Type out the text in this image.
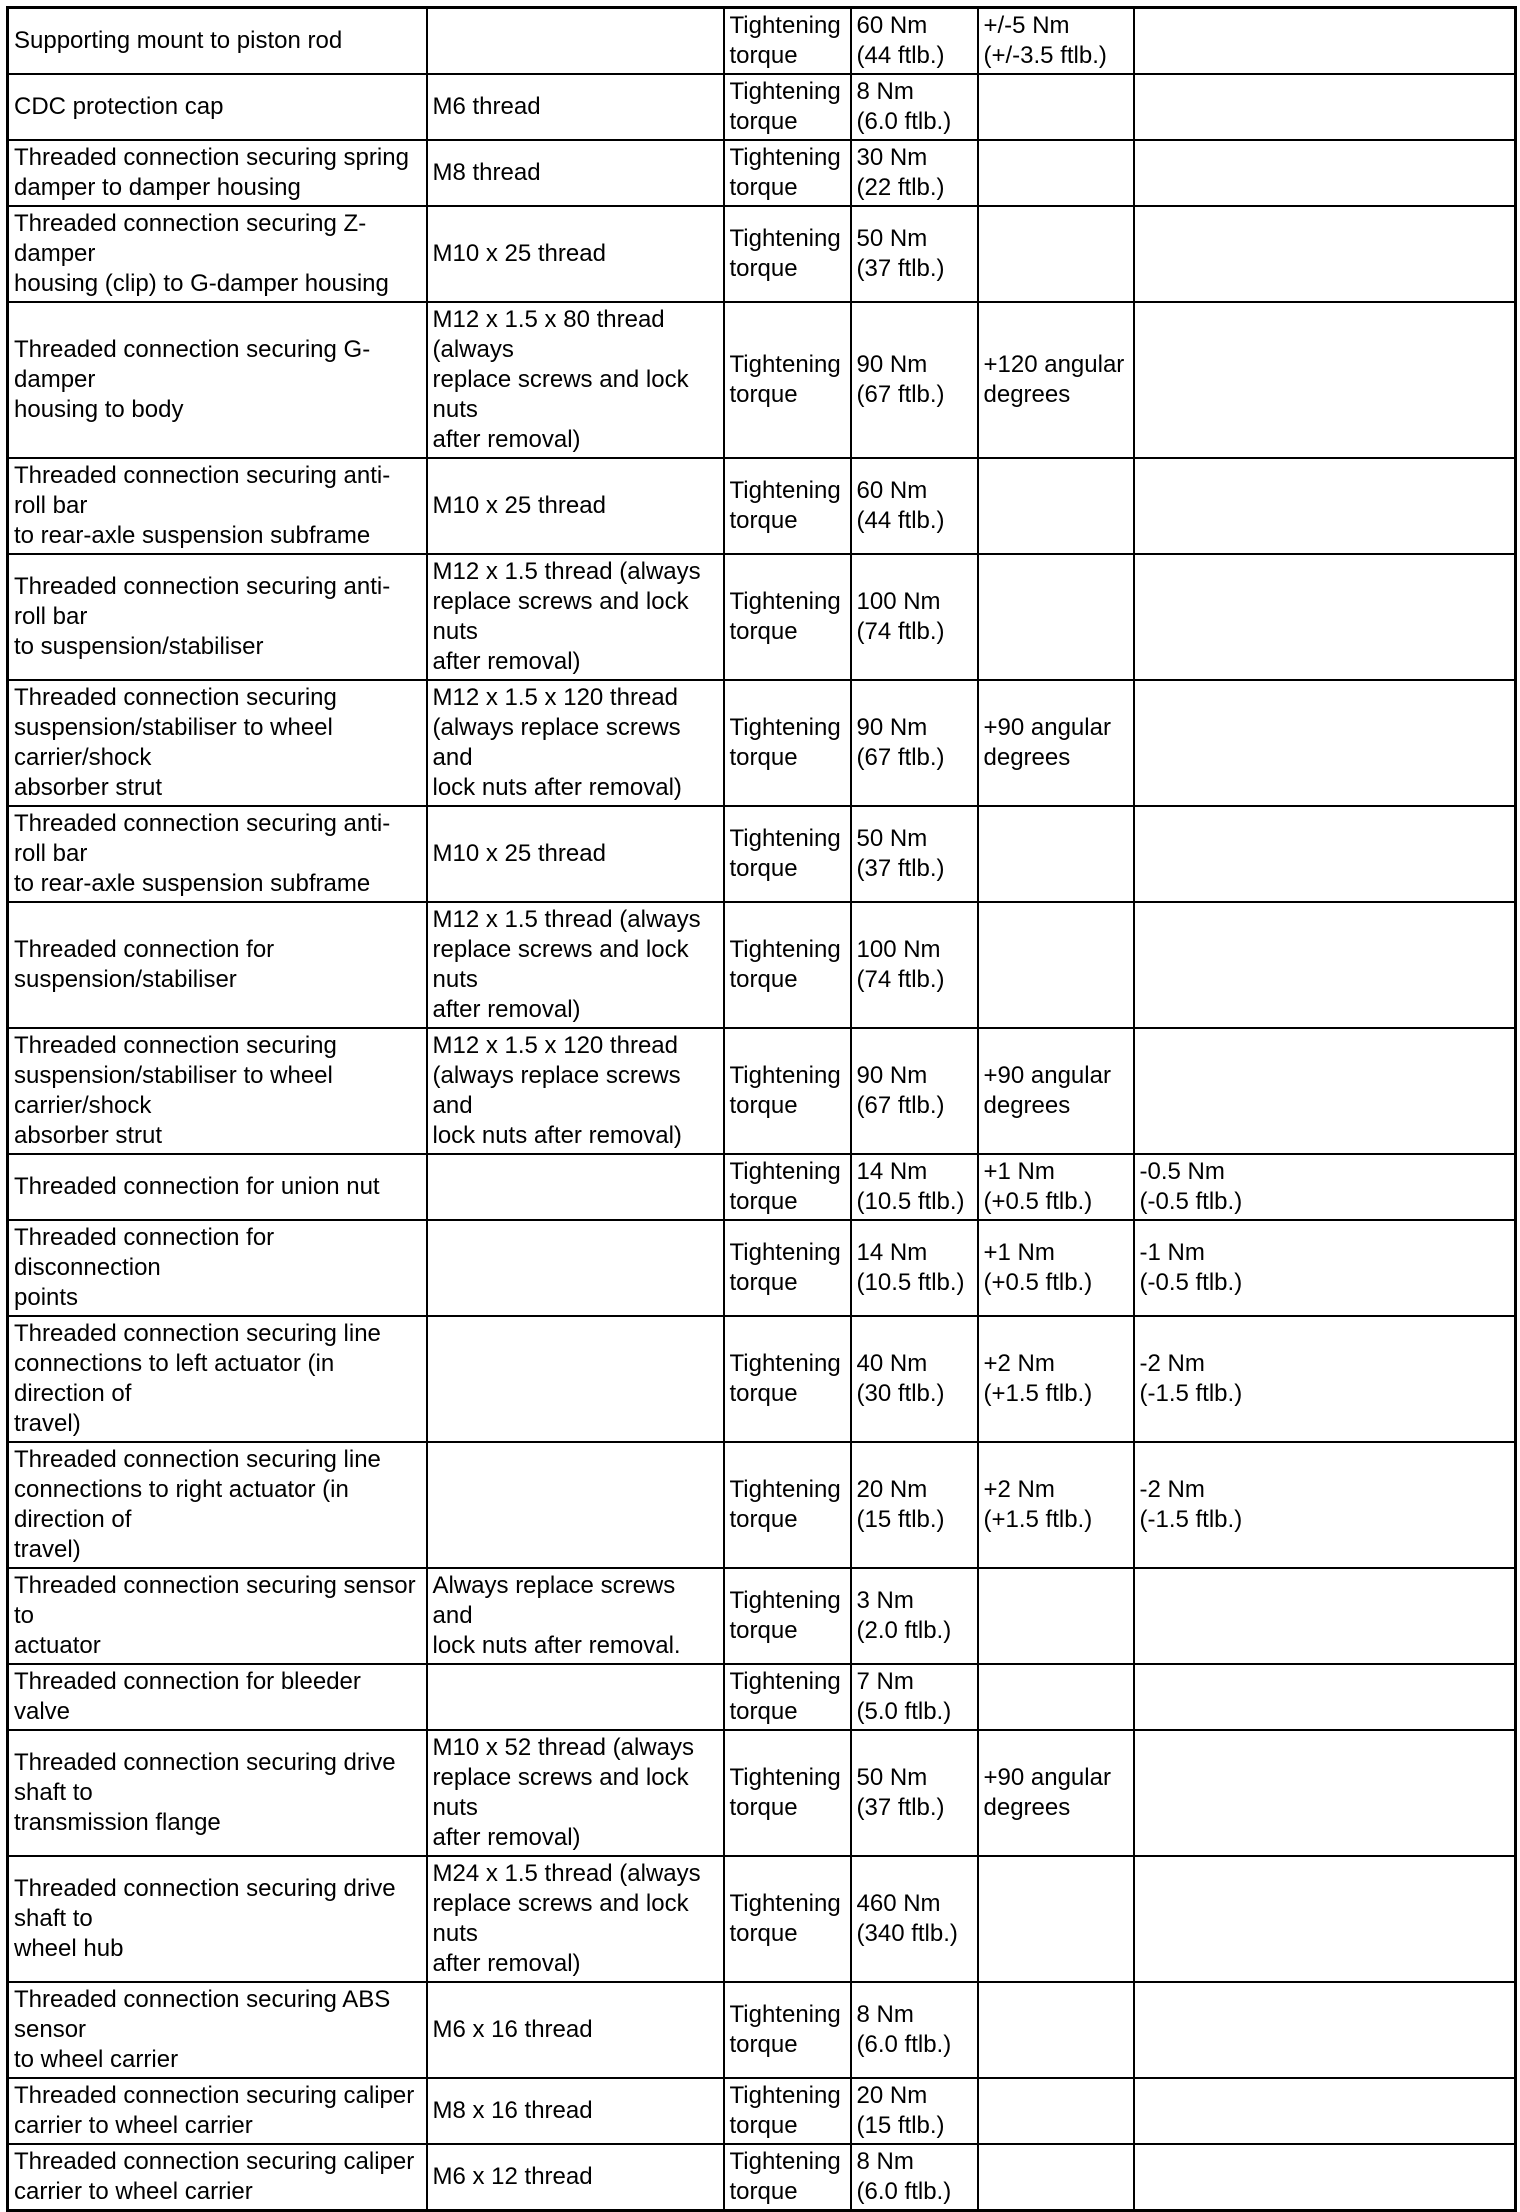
Supporting mount to piston rod		Tightening
torque	60 Nm
(44 ftlb.)	+/-5 Nm
(+/-3.5 ftlb.)	

CDC protection cap	M6 thread	Tightening
torque	8 Nm
(6.0 ftlb.)		

Threaded connection securing spring
damper to damper housing	M8 thread	Tightening
torque	30 Nm
(22 ftlb.)		

Threaded connection securing Z-damper
housing (clip) to G-damper housing	M10 x 25 thread	Tightening
torque	50 Nm
(37 ftlb.)		

Threaded connection securing G-damper
housing to body	M12 x 1.5 x 80 thread (always
replace screws and lock nuts
after removal)	Tightening
torque	90 Nm
(67 ftlb.)	+120 angular
degrees	

Threaded connection securing anti-roll bar
to rear-axle suspension subframe	M10 x 25 thread	Tightening
torque	60 Nm
(44 ftlb.)		

Threaded connection securing anti-roll bar
to suspension/stabiliser	M12 x 1.5 thread (always
replace screws and lock nuts
after removal)	Tightening
torque	100 Nm
(74 ftlb.)		

Threaded connection securing
suspension/stabiliser to wheel carrier/shock
absorber strut	M12 x 1.5 x 120 thread
(always replace screws and
lock nuts after removal)	Tightening
torque	90 Nm
(67 ftlb.)	+90 angular
degrees	

Threaded connection securing anti-roll bar
to rear-axle suspension subframe	M10 x 25 thread	Tightening
torque	50 Nm
(37 ftlb.)		

Threaded connection for
suspension/stabiliser	M12 x 1.5 thread (always
replace screws and lock nuts
after removal)	Tightening
torque	100 Nm
(74 ftlb.)		

Threaded connection securing
suspension/stabiliser to wheel carrier/shock
absorber strut	M12 x 1.5 x 120 thread
(always replace screws and
lock nuts after removal)	Tightening
torque	90 Nm
(67 ftlb.)	+90 angular
degrees	

Threaded connection for union nut		Tightening
torque	14 Nm
(10.5 ftlb.)	+1 Nm
(+0.5 ftlb.)	-0.5 Nm
(-0.5 ftlb.)

Threaded connection for disconnection
points		Tightening
torque	14 Nm
(10.5 ftlb.)	+1 Nm
(+0.5 ftlb.)	-1 Nm
(-0.5 ftlb.)

Threaded connection securing line
connections to left actuator (in direction of
travel)		Tightening
torque	40 Nm
(30 ftlb.)	+2 Nm
(+1.5 ftlb.)	-2 Nm
(-1.5 ftlb.)

Threaded connection securing line
connections to right actuator (in direction of
travel)		Tightening
torque	20 Nm
(15 ftlb.)	+2 Nm
(+1.5 ftlb.)	-2 Nm
(-1.5 ftlb.)

Threaded connection securing sensor to
actuator	Always replace screws and
lock nuts after removal.	Tightening
torque	3 Nm
(2.0 ftlb.)		

Threaded connection for bleeder valve		Tightening
torque	7 Nm
(5.0 ftlb.)		

Threaded connection securing drive shaft to
transmission flange	M10 x 52 thread (always
replace screws and lock nuts
after removal)	Tightening
torque	50 Nm
(37 ftlb.)	+90 angular
degrees	

Threaded connection securing drive shaft to
wheel hub	M24 x 1.5 thread (always
replace screws and lock nuts
after removal)	Tightening
torque	460 Nm
(340 ftlb.)		

Threaded connection securing ABS sensor
to wheel carrier	M6 x 16 thread	Tightening
torque	8 Nm
(6.0 ftlb.)		

Threaded connection securing caliper
carrier to wheel carrier	M8 x 16 thread	Tightening
torque	20 Nm
(15 ftlb.)		

Threaded connection securing caliper
carrier to wheel carrier	M6 x 12 thread	Tightening
torque	8 Nm
(6.0 ftlb.)		
